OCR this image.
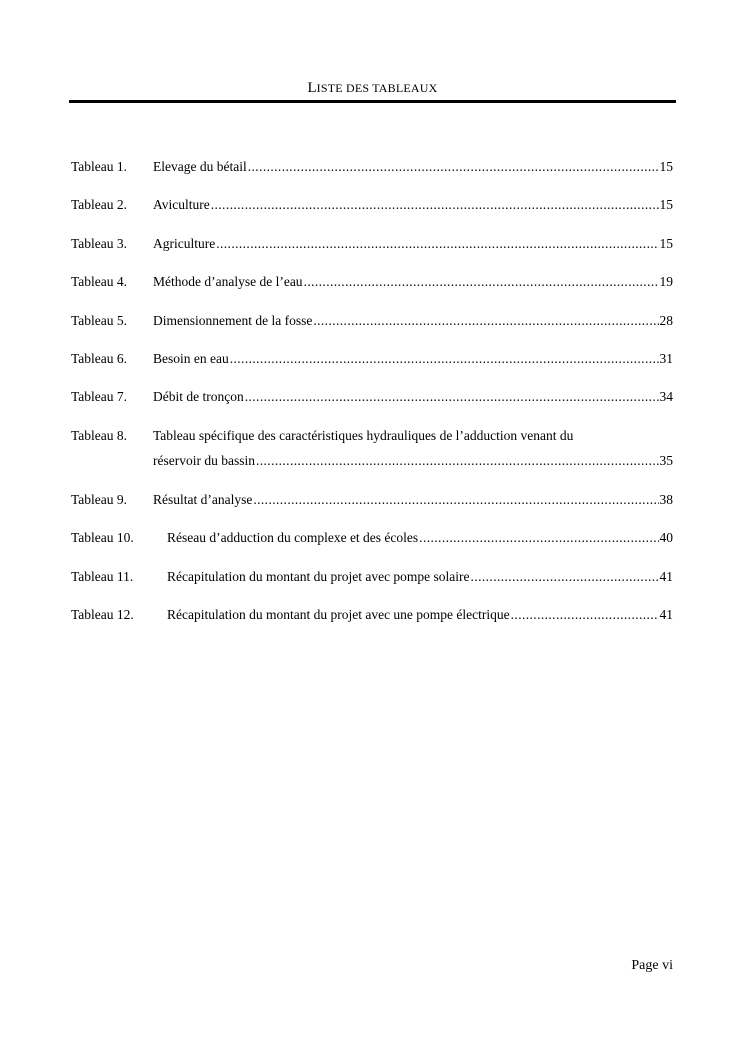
LISTE DES TABLEAUX
Tableau 1.	Elevage du bétail .....	15
Tableau 2.	Aviculture .....	15
Tableau 3.	Agriculture .....	15
Tableau 4.	Méthode d’analyse de l’eau .....	19
Tableau 5.	Dimensionnement de la fosse .....	28
Tableau 6.	Besoin en eau .....	31
Tableau 7.	Débit de tronçon .....	34
Tableau 8.	Tableau spécifique des caractéristiques hydrauliques de l’adduction venant du
réservoir du bassin .....	35
Tableau 9.	Résultat d’analyse .....	38
Tableau 10.	Réseau d’adduction du complexe et des écoles .....	40
Tableau 11.	Récapitulation du montant du projet avec pompe solaire .....	41
Tableau 12.	Récapitulation du montant du projet avec une pompe électrique .....	41
Page vi
